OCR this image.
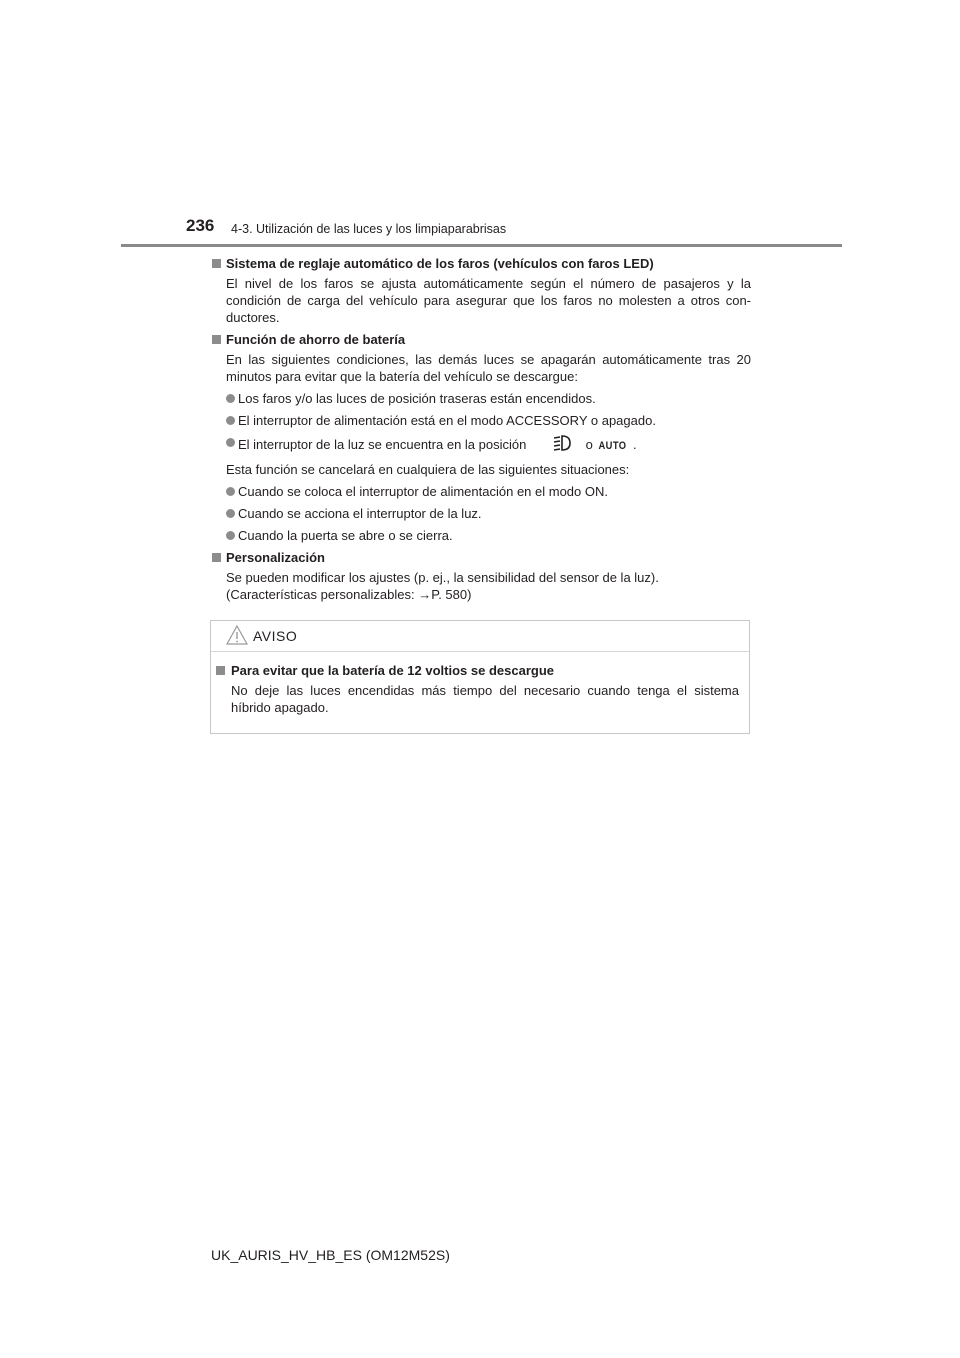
236 4-3. Utilización de las luces y los limpiaparabrisas
Sistema de reglaje automático de los faros (vehículos con faros LED)

El nivel de los faros se ajusta automáticamente según el número de pasajeros y la condición de carga del vehículo para asegurar que los faros no molesten a otros con-ductores.

Función de ahorro de batería

En las siguientes condiciones, las demás luces se apagarán automáticamente tras 20 minutos para evitar que la batería del vehículo se descargue:

Los faros y/o las luces de posición traseras están encendidos.
El interruptor de alimentación está en el modo ACCESSORY o apagado.
El interruptor de la luz se encuentra en la posición	o AUTO .

Esta función se cancelará en cualquiera de las siguientes situaciones:

Cuando se coloca el interruptor de alimentación en el modo ON.
Cuando se acciona el interruptor de la luz.
Cuando la puerta se abre o se cierra.
Personalización

Se pueden modificar los ajustes (p. ej., la sensibilidad del sensor de la luz).
(Características personalizables: →P. 580)

AVISO
Para evitar que la batería de 12 voltios se descargue

No deje las luces encendidas más tiempo del necesario cuando tenga el sistema híbrido apagado.

UK_AURIS_HV_HB_ES (OM12M52S)
